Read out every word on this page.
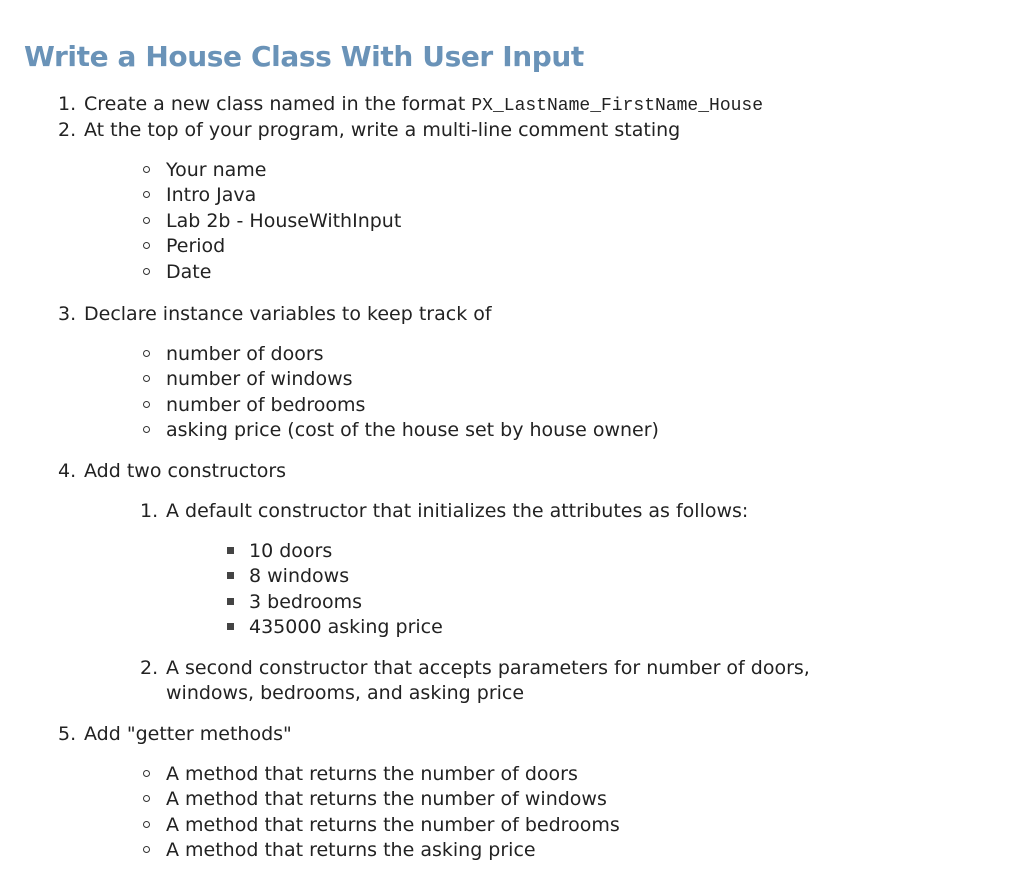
Write a House Class With User Input
1. Create a new class named in the format PX_LastName_FirstName_House
2. At the top of your program, write a multi-line comment stating
Your name
Intro Java
Lab 2b - HouseWithInput
Period
Date
3. Declare instance variables to keep track of
number of doors
number of windows
number of bedrooms
asking price (cost of the house set by house owner)
4. Add two constructors
1. A default constructor that initializes the attributes as follows:
10 doors
8 windows
3 bedrooms
435000 asking price
2. A second constructor that accepts parameters for number of doors,
windows, bedrooms, and asking price
5. Add "getter methods"
A method that returns the number of doors
A method that returns the number of windows
A method that returns the number of bedrooms
A method that returns the asking price
